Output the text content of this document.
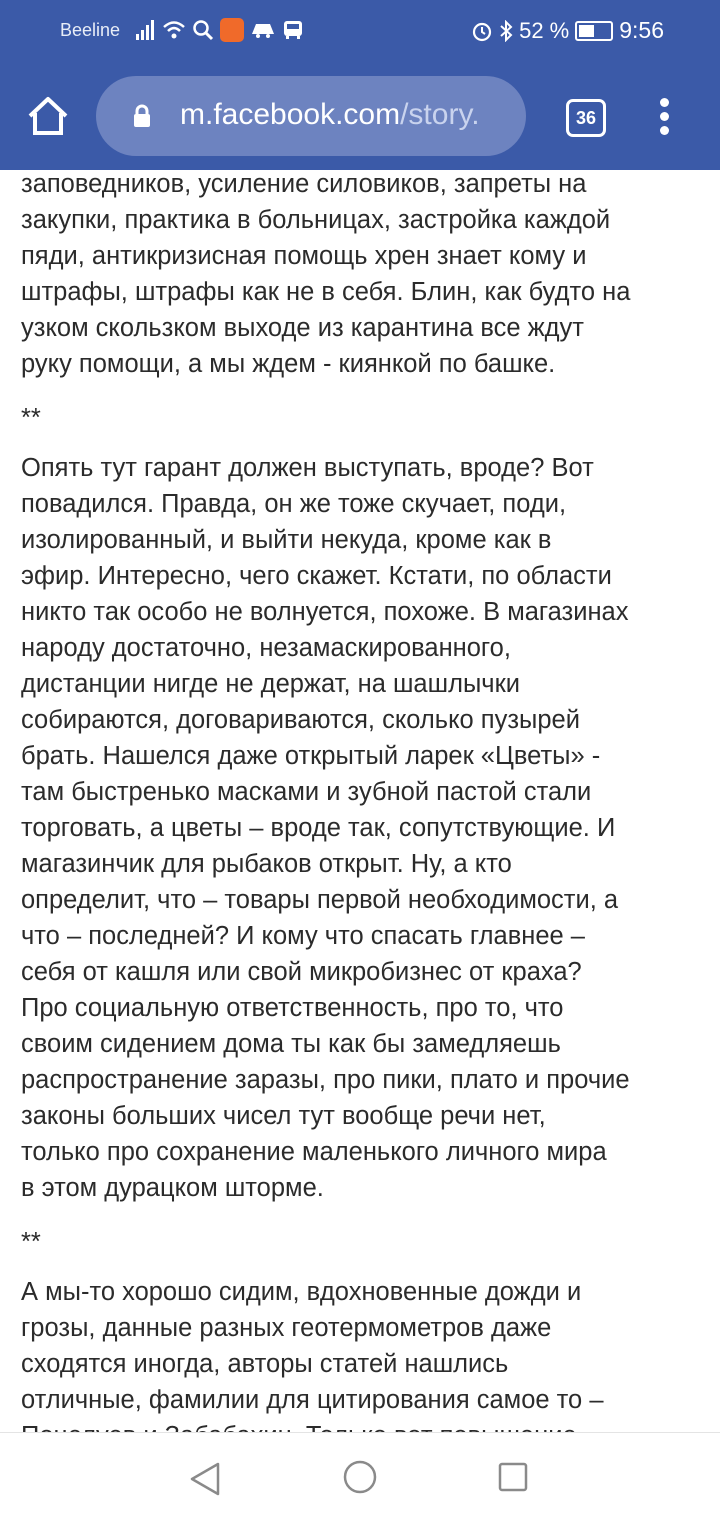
Beeline	52 % 9:56
m.facebook.com/story.	36

заповедников, усиление силовиков, запреты на
закупки, практика в больницах, застройка каждой
пяди, антикризисная помощь хрен знает кому и
штрафы, штрафы как не в себя. Блин, как будто на
узком скользком выходе из карантина все ждут
руку помощи, а мы ждем - киянкой по башке.

**

Опять тут гарант должен выступать, вроде? Вот
повадился. Правда, он же тоже скучает, поди,
изолированный, и выйти некуда, кроме как в
эфир. Интересно, чего скажет. Кстати, по области
никто так особо не волнуется, похоже. В магазинах
народу достаточно, незамаскированного,
дистанции нигде не держат, на шашлычки
собираются, договариваются, сколько пузырей
брать. Нашелся даже открытый ларек «Цветы» -
там быстренько масками и зубной пастой стали
торговать, а цветы – вроде так, сопутствующие. И
магазинчик для рыбаков открыт. Ну, а кто
определит, что – товары первой необходимости, а
что – последней? И кому что спасать главнее –
себя от кашля или свой микробизнес от краха?
Про социальную ответственность, про то, что
своим сидением дома ты как бы замедляешь
распространение заразы, про пики, плато и прочие
законы больших чисел тут вообще речи нет,
только про сохранение маленького личного мира
в этом дурацком шторме.

**

А мы-то хорошо сидим, вдохновенные дожди и
грозы, данные разных геотермометров даже
сходятся иногда, авторы статей нашлись
отличные, фамилии для цитирования самое то –
